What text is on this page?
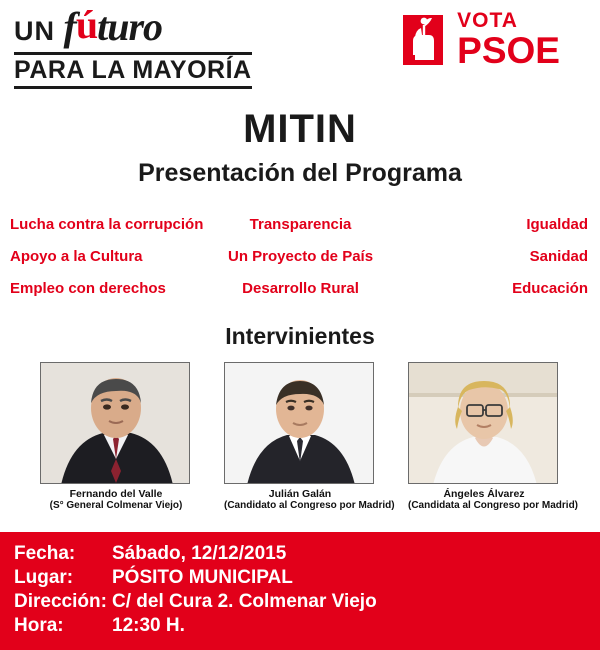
UN fúturo
PARA LA MAYORÍA
VOTA
PSOE
MITIN
Presentación del Programa
Lucha contra la corrupción	Transparencia	Igualdad
Apoyo a la Cultura	Un Proyecto de País	Sanidad
Empleo con derechos	Desarrollo Rural	Educación
Intervinientes
Fernando del Valle
(S° General Colmenar Viejo)
Julián Galán
(Candidato al Congreso por Madrid)
Ángeles Álvarez
(Candidata al Congreso por Madrid)
Fecha:	Sábado, 12/12/2015
Lugar:	PÓSITO MUNICIPAL
Dirección: C/ del Cura 2. Colmenar Viejo
Hora:	12:30 H.
